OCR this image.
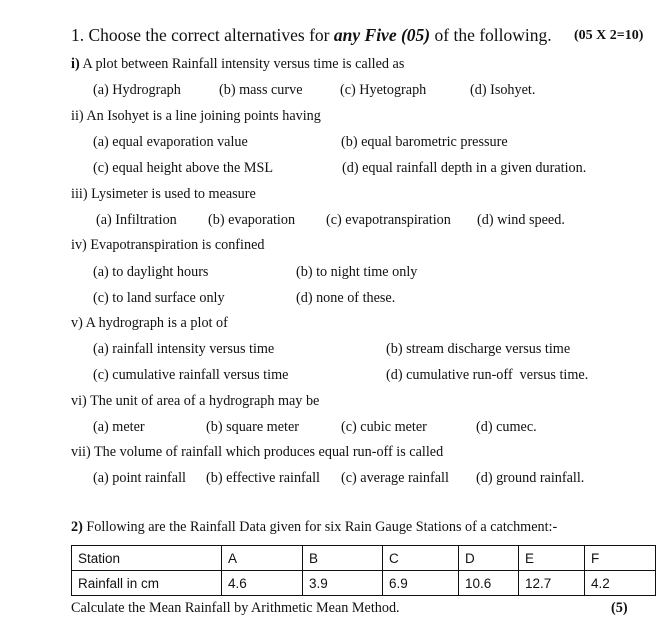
1. Choose the correct alternatives for any Five (05) of the following. (05 X 2=10)
i) A plot between Rainfall intensity versus time is called as
(a) Hydrograph	(b) mass curve	(c) Hyetograph	(d) Isohyet.
ii) An Isohyet is a line joining points having
(a) equal evaporation value	(b) equal barometric pressure
(c) equal height above the MSL	(d) equal rainfall depth in a given duration.
iii) Lysimeter is used to measure
(a) Infiltration (b) evaporation (c) evapotranspiration (d) wind speed.
iv) Evapotranspiration is confined
(a) to daylight hours	(b) to night time only
(c) to land surface only	(d) none of these.
v) A hydrograph is a plot of
(a) rainfall intensity versus time	(b) stream discharge versus time
(c) cumulative rainfall versus time	(d) cumulative run-off  versus time.
vi) The unit of area of a hydrograph may be
(a) meter	(b) square meter	(c) cubic meter	(d) cumec.
vii) The volume of rainfall which produces equal run-off is called
(a) point rainfall (b) effective rainfall (c) average rainfall (d) ground rainfall.
2) Following are the Rainfall Data given for six Rain Gauge Stations of a catchment:-
Station	A	B	C	D	E	F
Rainfall in cm	4.6	3.9	6.9	10.6	12.7	4.2
Calculate the Mean Rainfall by Arithmetic Mean Method.	(5)
